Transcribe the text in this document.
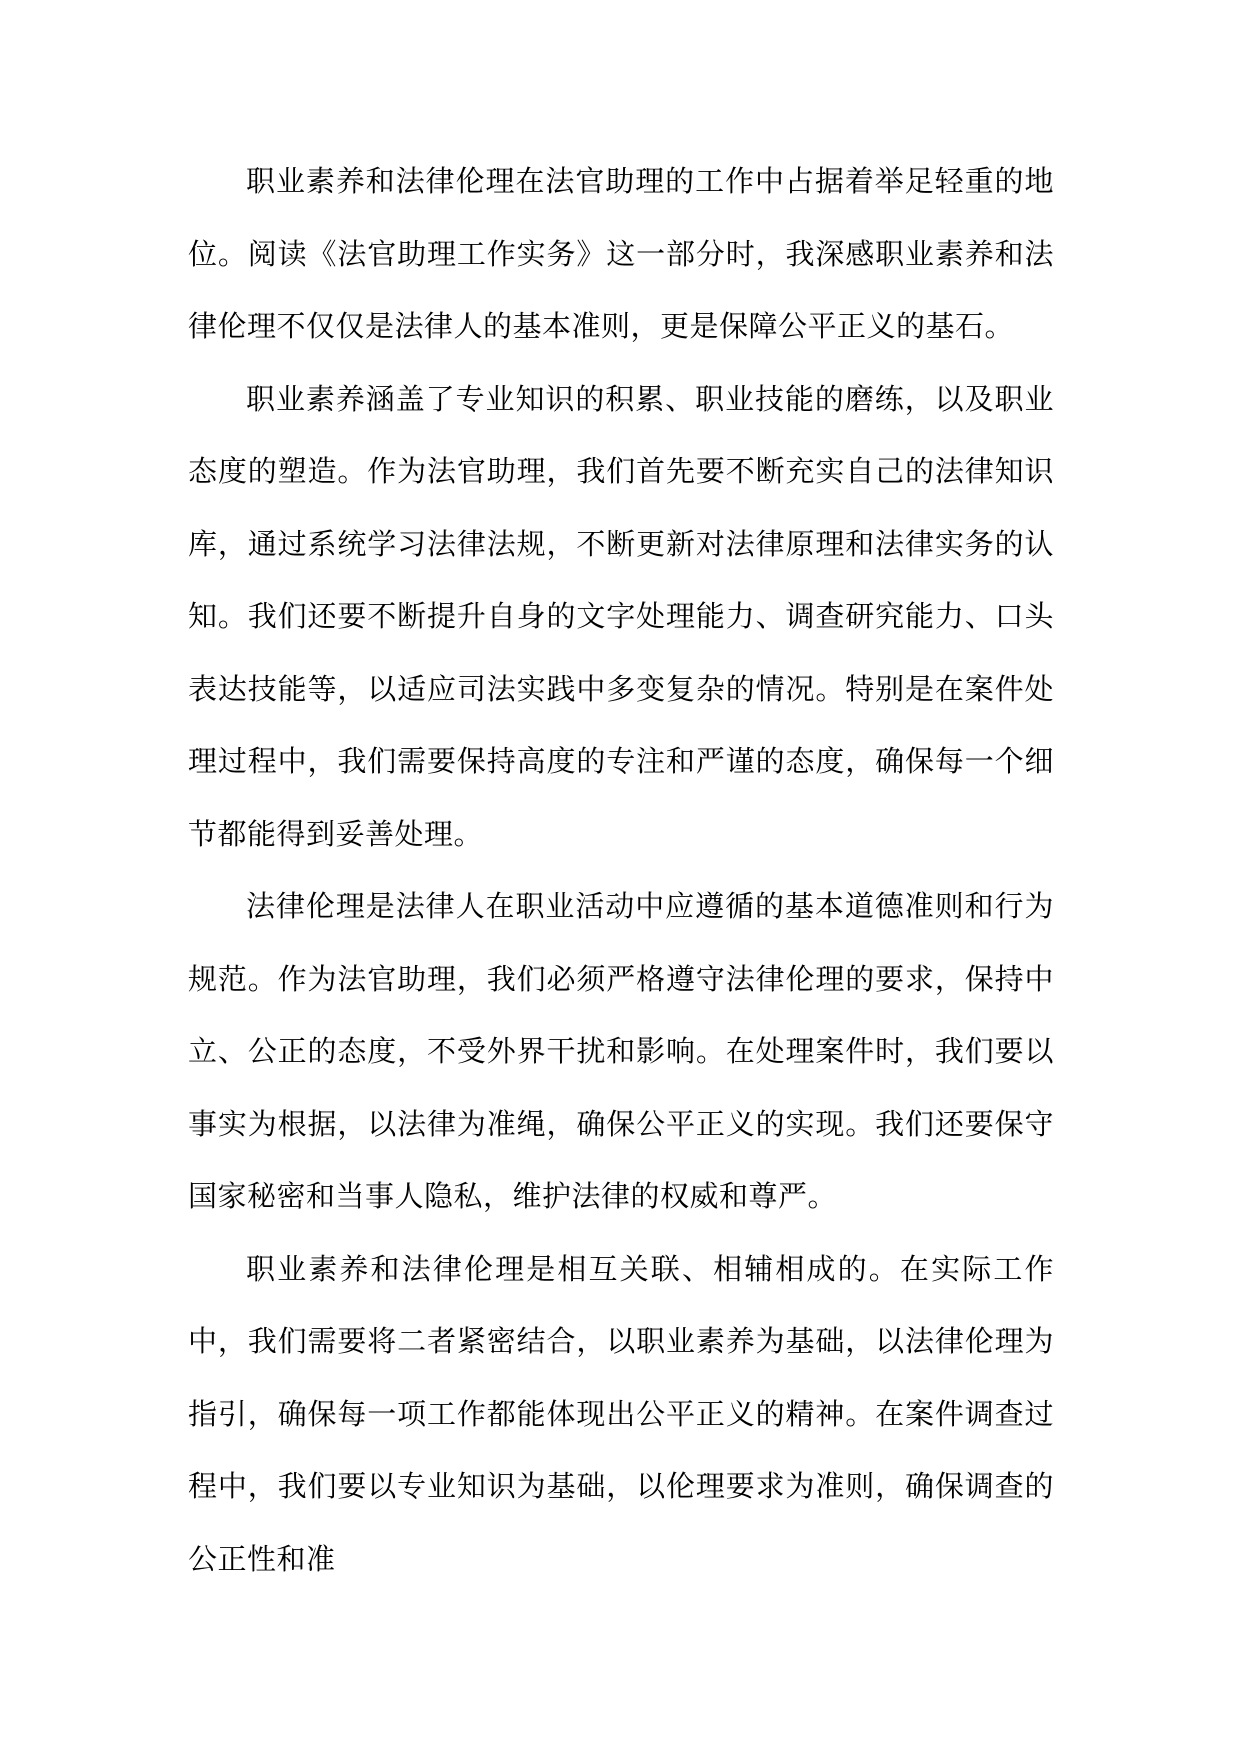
职业素养和法律伦理在法官助理的工作中占据着举足轻重的地位。阅读《法官助理工作实务》这一部分时，我深感职业素养和法律伦理不仅仅是法律人的基本准则，更是保障公平正义的基石。

职业素养涵盖了专业知识的积累、职业技能的磨练，以及职业态度的塑造。作为法官助理，我们首先要不断充实自己的法律知识库，通过系统学习法律法规，不断更新对法律原理和法律实务的认知。我们还要不断提升自身的文字处理能力、调查研究能力、口头表达技能等，以适应司法实践中多变复杂的情况。特别是在案件处理过程中，我们需要保持高度的专注和严谨的态度，确保每一个细节都能得到妥善处理。

法律伦理是法律人在职业活动中应遵循的基本道德准则和行为规范。作为法官助理，我们必须严格遵守法律伦理的要求，保持中立、公正的态度，不受外界干扰和影响。在处理案件时，我们要以事实为根据，以法律为准绳，确保公平正义的实现。我们还要保守国家秘密和当事人隐私，维护法律的权威和尊严。

职业素养和法律伦理是相互关联、相辅相成的。在实际工作中，我们需要将二者紧密结合，以职业素养为基础，以法律伦理为指引，确保每一项工作都能体现出公平正义的精神。在案件调查过程中，我们要以专业知识为基础，以伦理要求为准则，确保调查的公正性和准
